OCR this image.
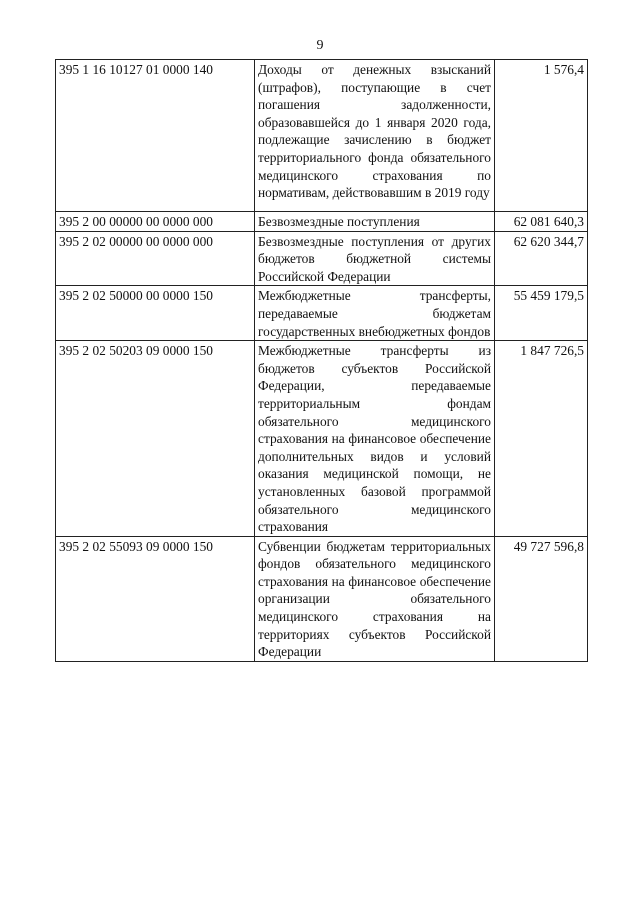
9
395 1 16 10127 01 0000 140	Доходы от денежных взысканий (штрафов), поступающие в счет погашения задолженности, образовавшейся до 1 января 2020 года, подлежащие зачислению в бюджет территориального фонда обязательного медицинского страхования по нормативам, действовавшим в 2019 году	1 576,4
395 2 00 00000 00 0000 000	Безвозмездные поступления	62 081 640,3
395 2 02 00000 00 0000 000	Безвозмездные поступления от других бюджетов бюджетной системы Российской Федерации	62 620 344,7
395 2 02 50000 00 0000 150	Межбюджетные трансферты, передаваемые бюджетам государственных внебюджетных фондов	55 459 179,5
395 2 02 50203 09 0000 150	Межбюджетные трансферты из бюджетов субъектов Российской Федерации, передаваемые территориальным фондам обязательного медицинского страхования на финансовое обеспечение дополнительных видов и условий оказания медицинской помощи, не установленных базовой программой обязательного медицинского страхования	1 847 726,5
395 2 02 55093 09 0000 150	Субвенции бюджетам территориальных фондов обязательного медицинского страхования на финансовое обеспечение организации обязательного медицинского страхования на территориях субъектов Российской Федерации	49 727 596,8
